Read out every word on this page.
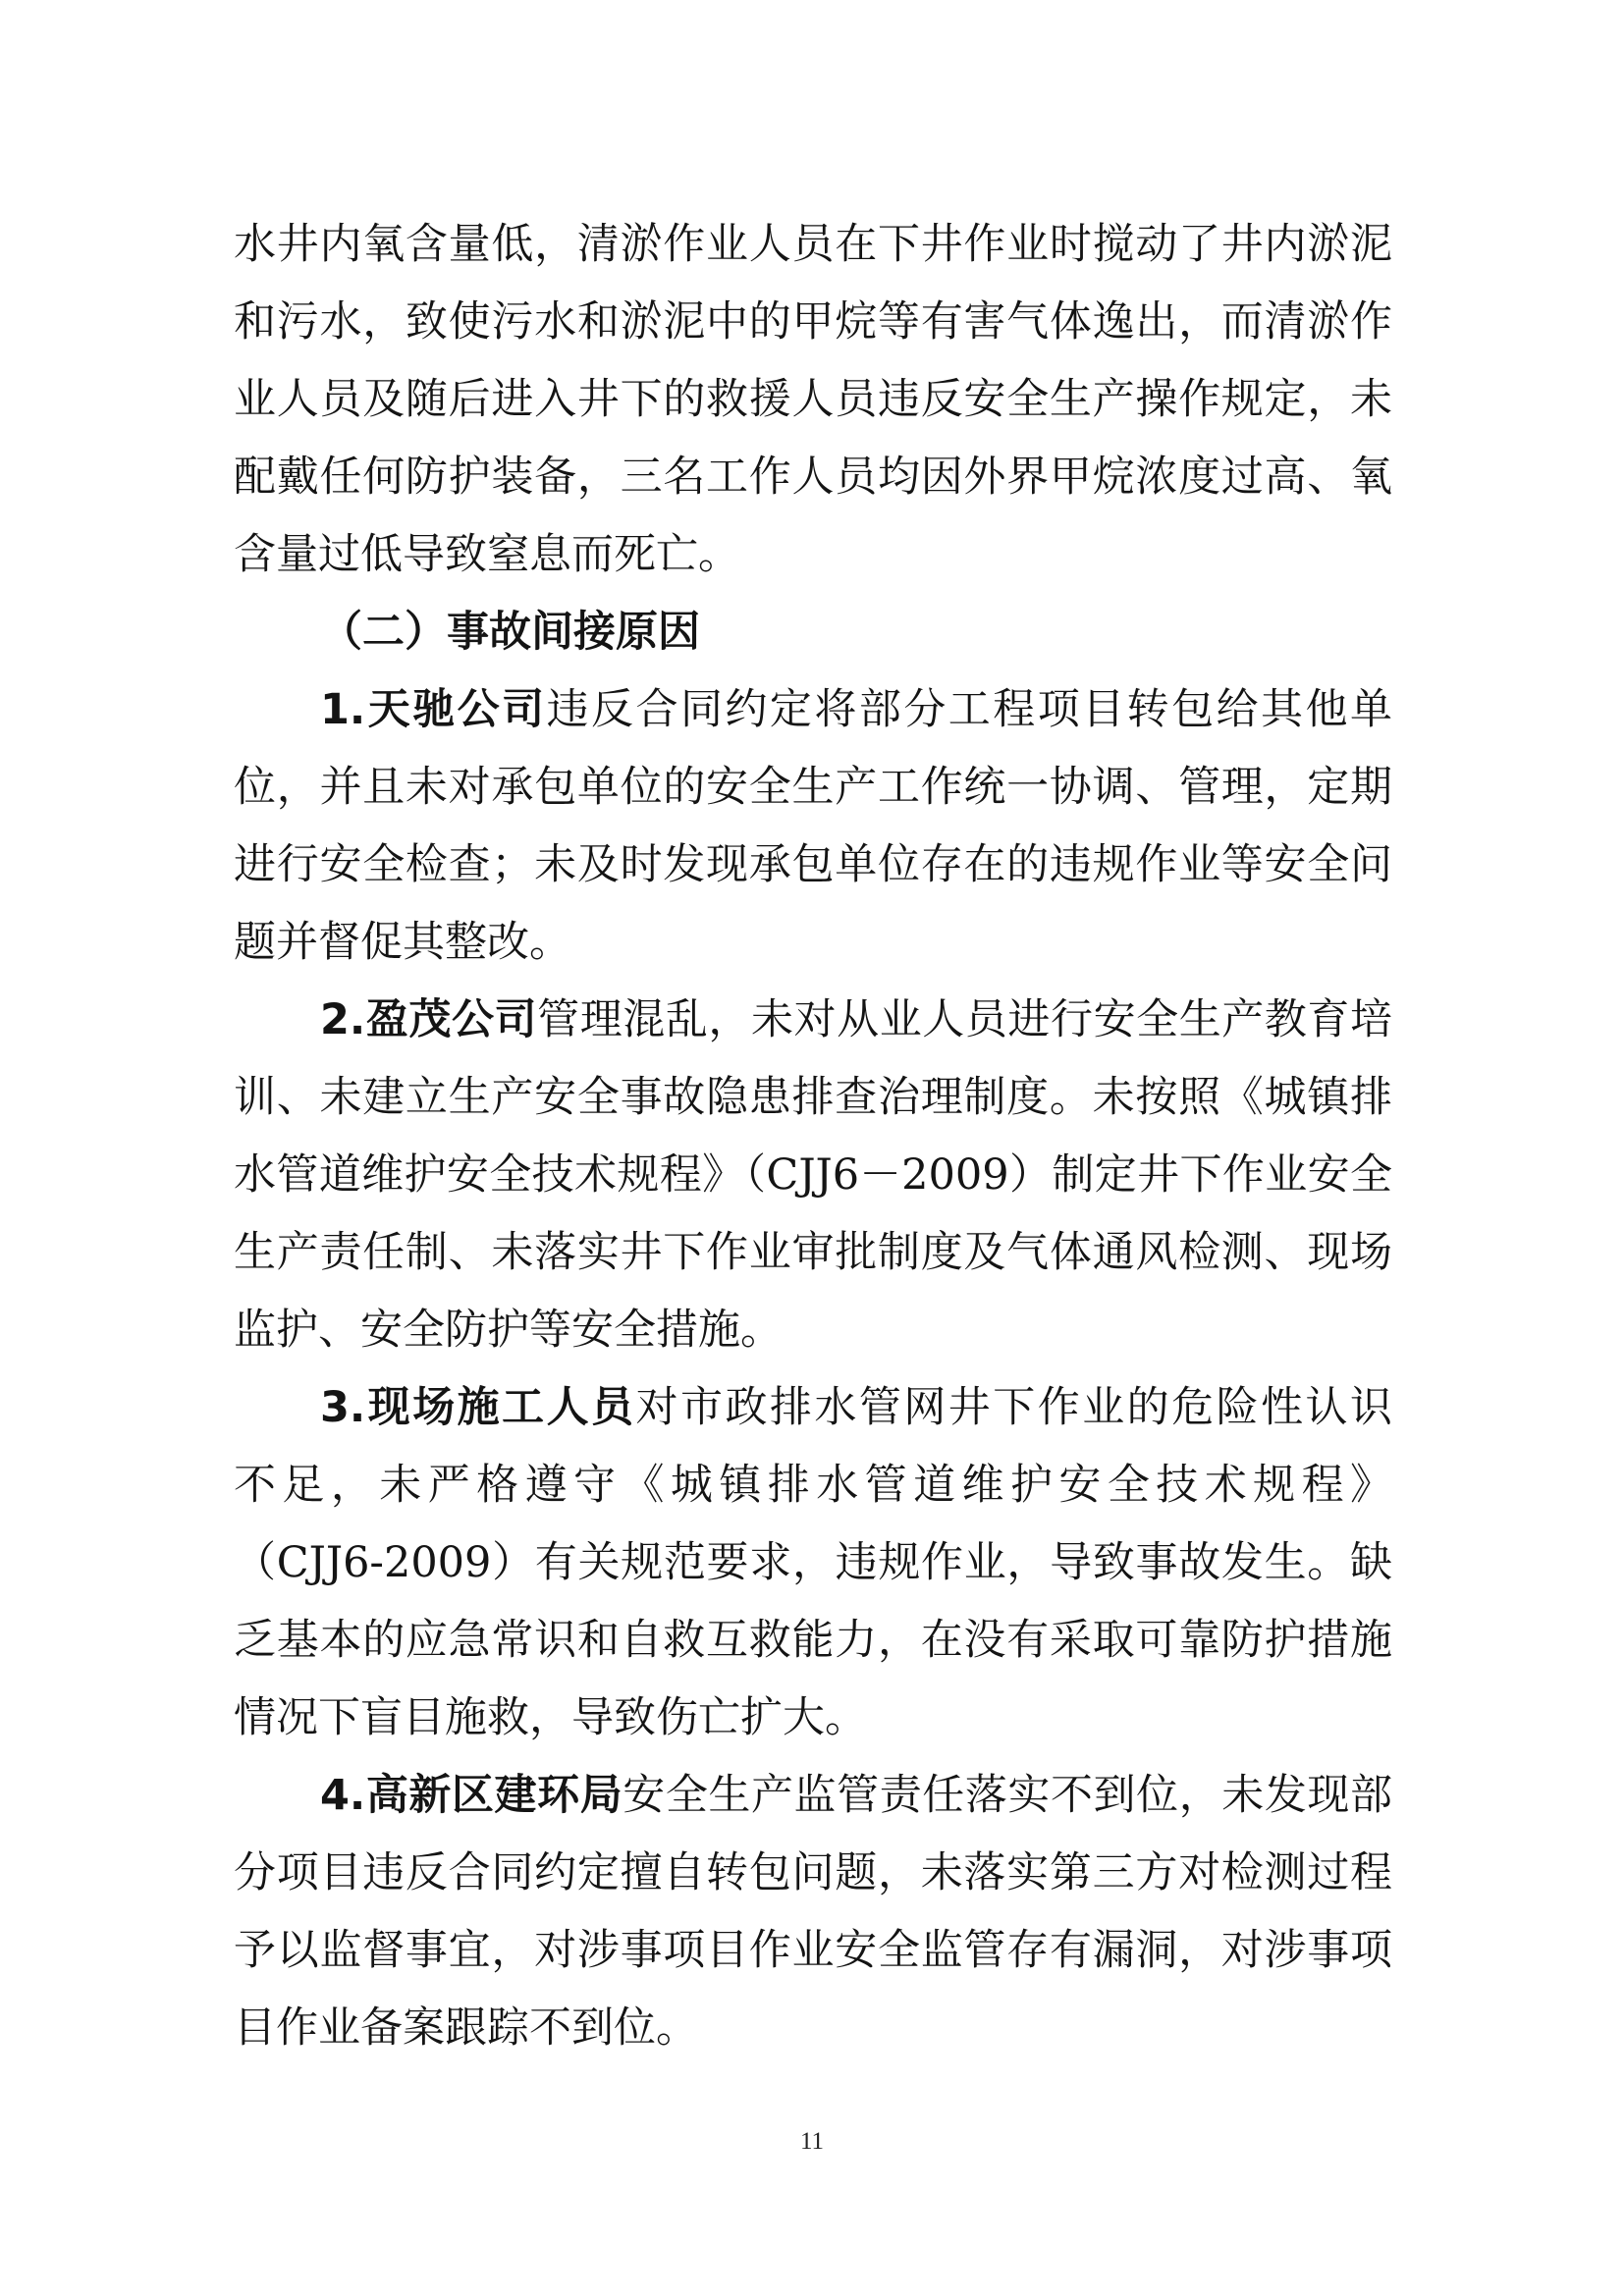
水井内氧含量低，清淤作业人员在下井作业时搅动了井内淤泥
和污水，致使污水和淤泥中的甲烷等有害气体逸出，而清淤作
业人员及随后进入井下的救援人员违反安全生产操作规定，未
配戴任何防护装备，三名工作人员均因外界甲烷浓度过高、氧
含量过低导致窒息而死亡。
（二）事故间接原因
1.天驰公司违反合同约定将部分工程项目转包给其他单
位，并且未对承包单位的安全生产工作统一协调、管理，定期
进行安全检查；未及时发现承包单位存在的违规作业等安全问
题并督促其整改。
2.盈茂公司管理混乱，未对从业人员进行安全生产教育培
训、未建立生产安全事故隐患排查治理制度。未按照《城镇排
水管道维护安全技术规程》（CJJ6－2009）制定井下作业安全
生产责任制、未落实井下作业审批制度及气体通风检测、现场
监护、安全防护等安全措施。
3.现场施工人员对市政排水管网井下作业的危险性认识
不足，未严格遵守《城镇排水管道维护安全技术规程》
（CJJ6-2009）有关规范要求，违规作业，导致事故发生。缺
乏基本的应急常识和自救互救能力，在没有采取可靠防护措施
情况下盲目施救，导致伤亡扩大。
4.高新区建环局安全生产监管责任落实不到位，未发现部
分项目违反合同约定擅自转包问题，未落实第三方对检测过程
予以监督事宜，对涉事项目作业安全监管存有漏洞，对涉事项
目作业备案跟踪不到位。
11
